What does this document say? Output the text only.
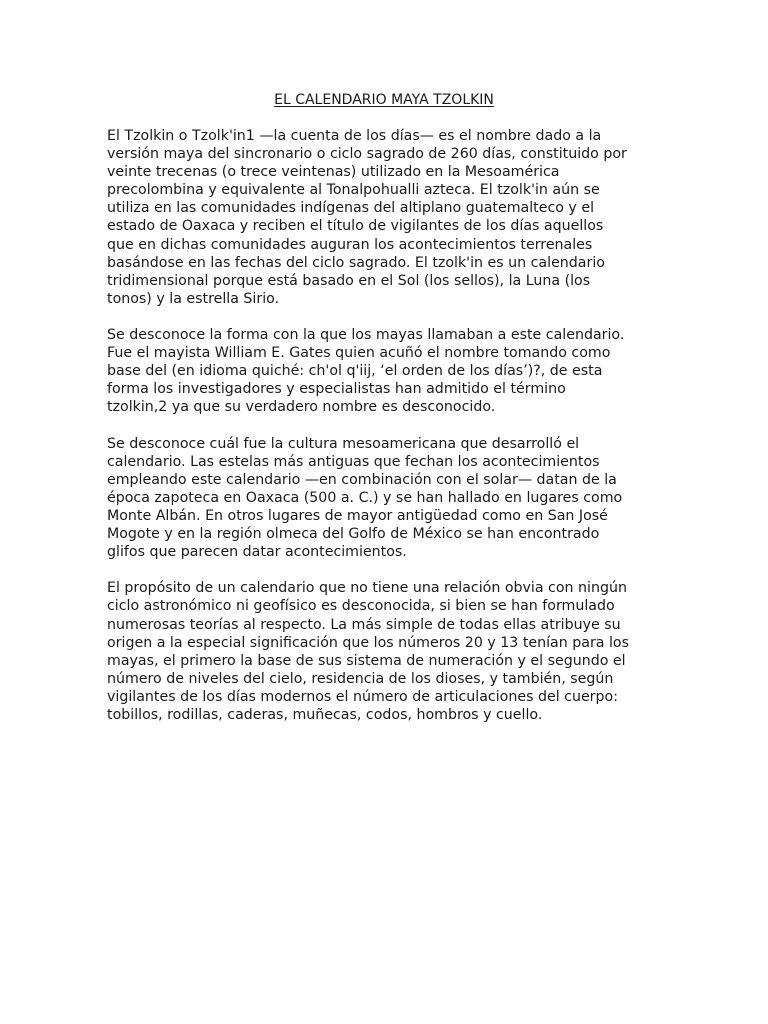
EL CALENDARIO MAYA TZOLKIN

El Tzolkin o Tzolk'in1 —la cuenta de los días— es el nombre dado a la
versión maya del sincronario o ciclo sagrado de 260 días, constituido por
veinte trecenas (o trece veintenas) utilizado en la Mesoamérica
precolombina y equivalente al Tonalpohualli azteca. El tzolk'in aún se
utiliza en las comunidades indígenas del altiplano guatemalteco y el
estado de Oaxaca y reciben el título de vigilantes de los días aquellos
que en dichas comunidades auguran los acontecimientos terrenales
basándose en las fechas del ciclo sagrado. El tzolk'in es un calendario
tridimensional porque está basado en el Sol (los sellos), la Luna (los
tonos) y la estrella Sirio.

Se desconoce la forma con la que los mayas llamaban a este calendario.
Fue el mayista William E. Gates quien acuñó el nombre tomando como
base del (en idioma quiché: ch'ol q'iij, ‘el orden de los días’)?, de esta
forma los investigadores y especialistas han admitido el término
tzolkin,2 ya que su verdadero nombre es desconocido.

Se desconoce cuál fue la cultura mesoamericana que desarrolló el
calendario. Las estelas más antiguas que fechan los acontecimientos
empleando este calendario —en combinación con el solar— datan de la
época zapoteca en Oaxaca (500 a. C.) y se han hallado en lugares como
Monte Albán. En otros lugares de mayor antigüedad como en San José
Mogote y en la región olmeca del Golfo de México se han encontrado
glifos que parecen datar acontecimientos.

El propósito de un calendario que no tiene una relación obvia con ningún
ciclo astronómico ni geofísico es desconocida, si bien se han formulado
numerosas teorías al respecto. La más simple de todas ellas atribuye su
origen a la especial significación que los números 20 y 13 tenían para los
mayas, el primero la base de sus sistema de numeración y el segundo el
número de niveles del cielo, residencia de los dioses, y también, según
vigilantes de los días modernos el número de articulaciones del cuerpo:
tobillos, rodillas, caderas, muñecas, codos, hombros y cuello.
